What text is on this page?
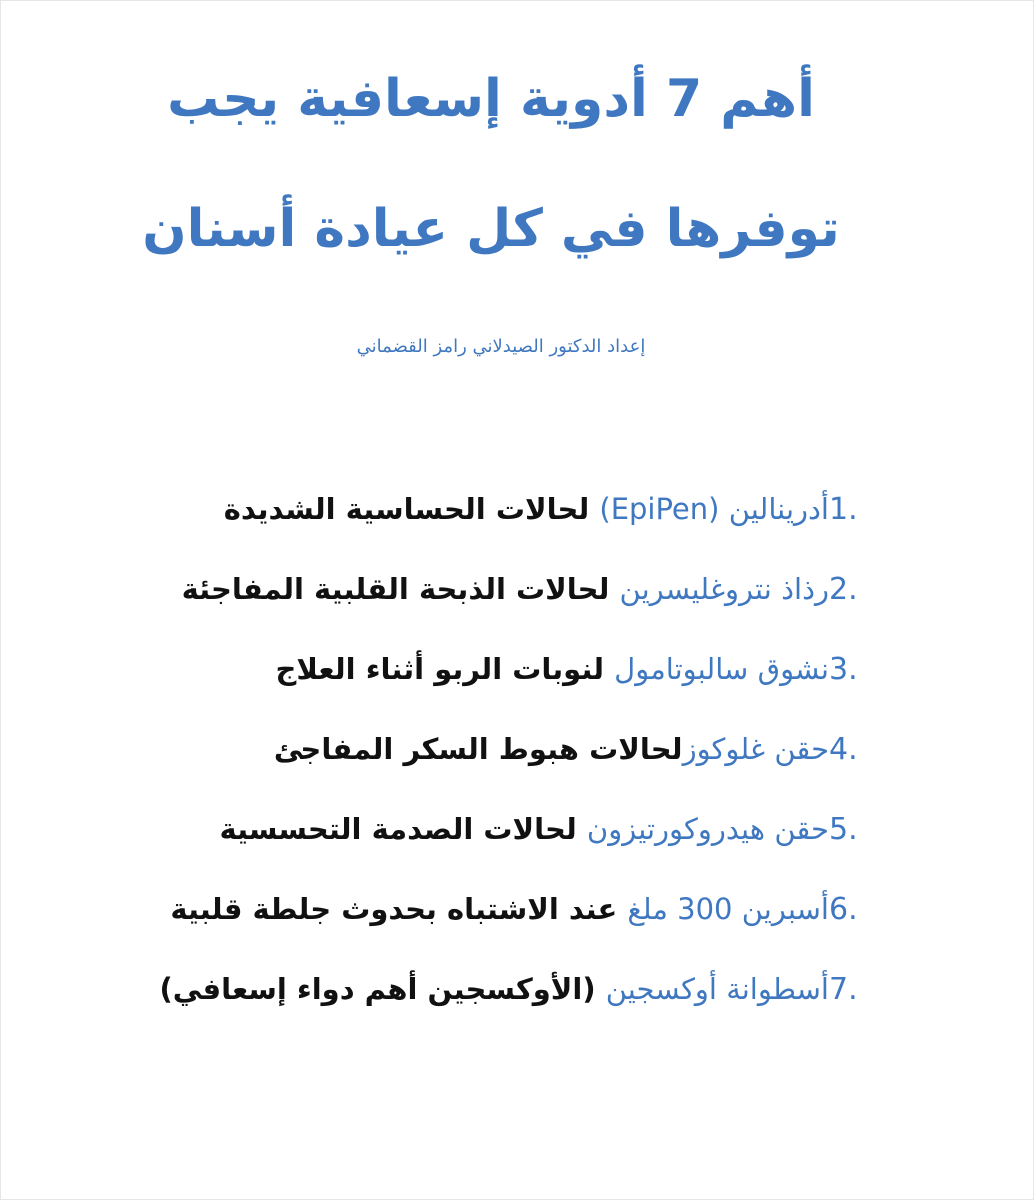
أهم 7 أدوية إسعافية يجب
توفرها في كل عيادة أسنان
إعداد الدكتور الصيدلاني رامز القضماني
1.
أدرينالين (EpiPen) لحالات الحساسية الشديدة
2.
رذاذ نتروغليسرين لحالات الذبحة القلبية المفاجئة
3.
نشوق سالبوتامول لنوبات الربو أثناء العلاج
4.
حقن غلوكوزلحالات هبوط السكر المفاجئ
5.
حقن هيدروكورتيزون لحالات الصدمة التحسسية
6.
أسبرين 300 ملغ عند الاشتباه بحدوث جلطة قلبية
7.
أسطوانة أوكسجين (الأوكسجين أهم دواء إسعافي)
